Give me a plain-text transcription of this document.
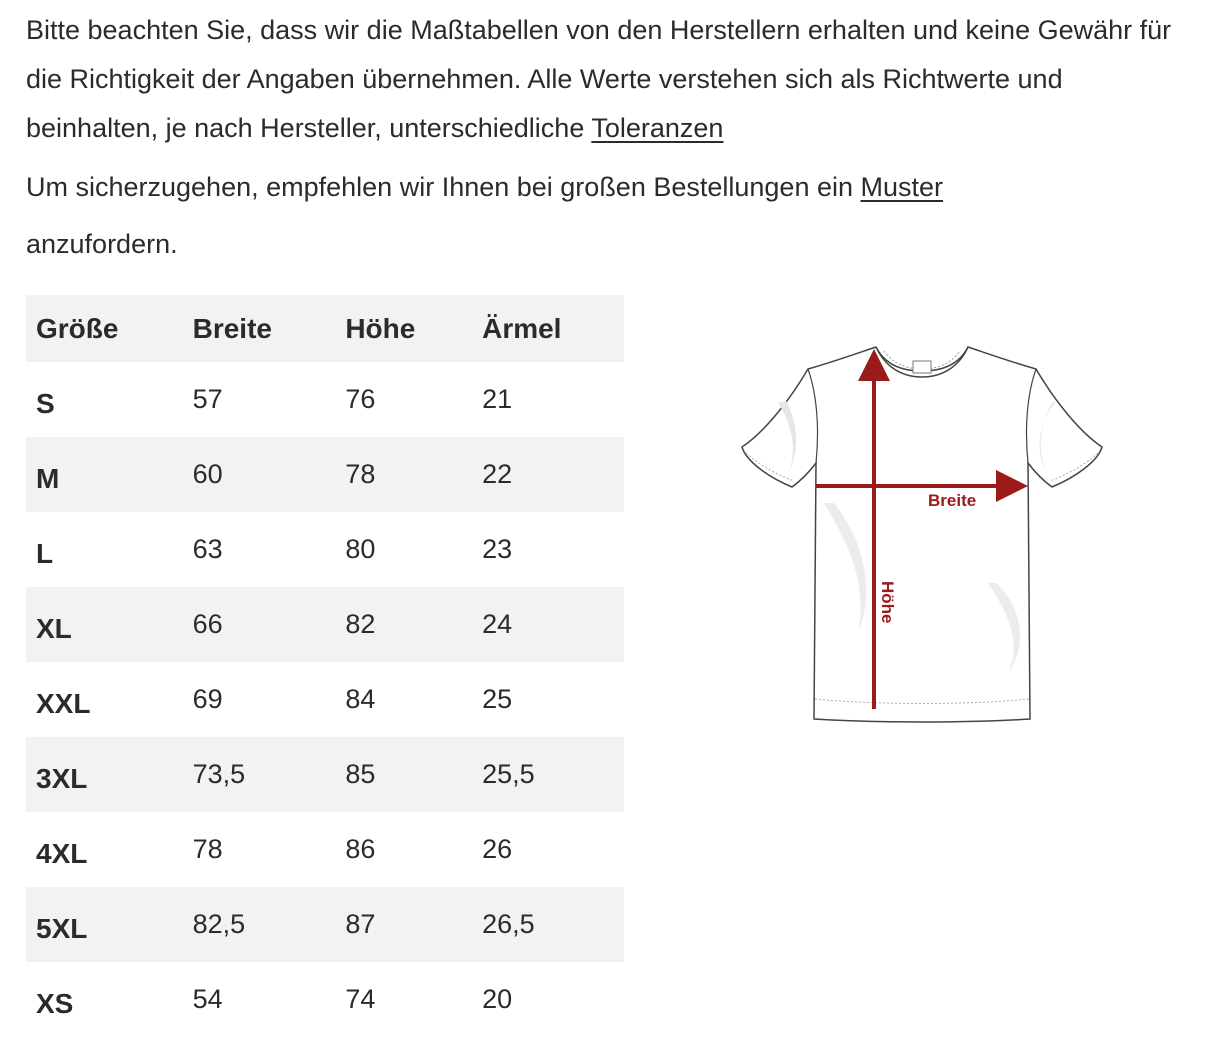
Bitte beachten Sie, dass wir die Maßtabellen von den Herstellern erhalten und keine Gewähr für die Richtigkeit der Angaben übernehmen. Alle Werte verstehen sich als Richtwerte und beinhalten, je nach Hersteller, unterschiedliche Toleranzen

Um sicherzugehen, empfehlen wir Ihnen bei großen Bestellungen ein Muster
anzufordern.

Größe	Breite	Höhe	Ärmel
S	57	76	21
M	60	78	22
L	63	80	23
XL	66	82	24
XXL	69	84	25
3XL	73,5	85	25,5
4XL	78	86	26
5XL	82,5	87	26,5
XS	54	74	20
Breite
Höhe
